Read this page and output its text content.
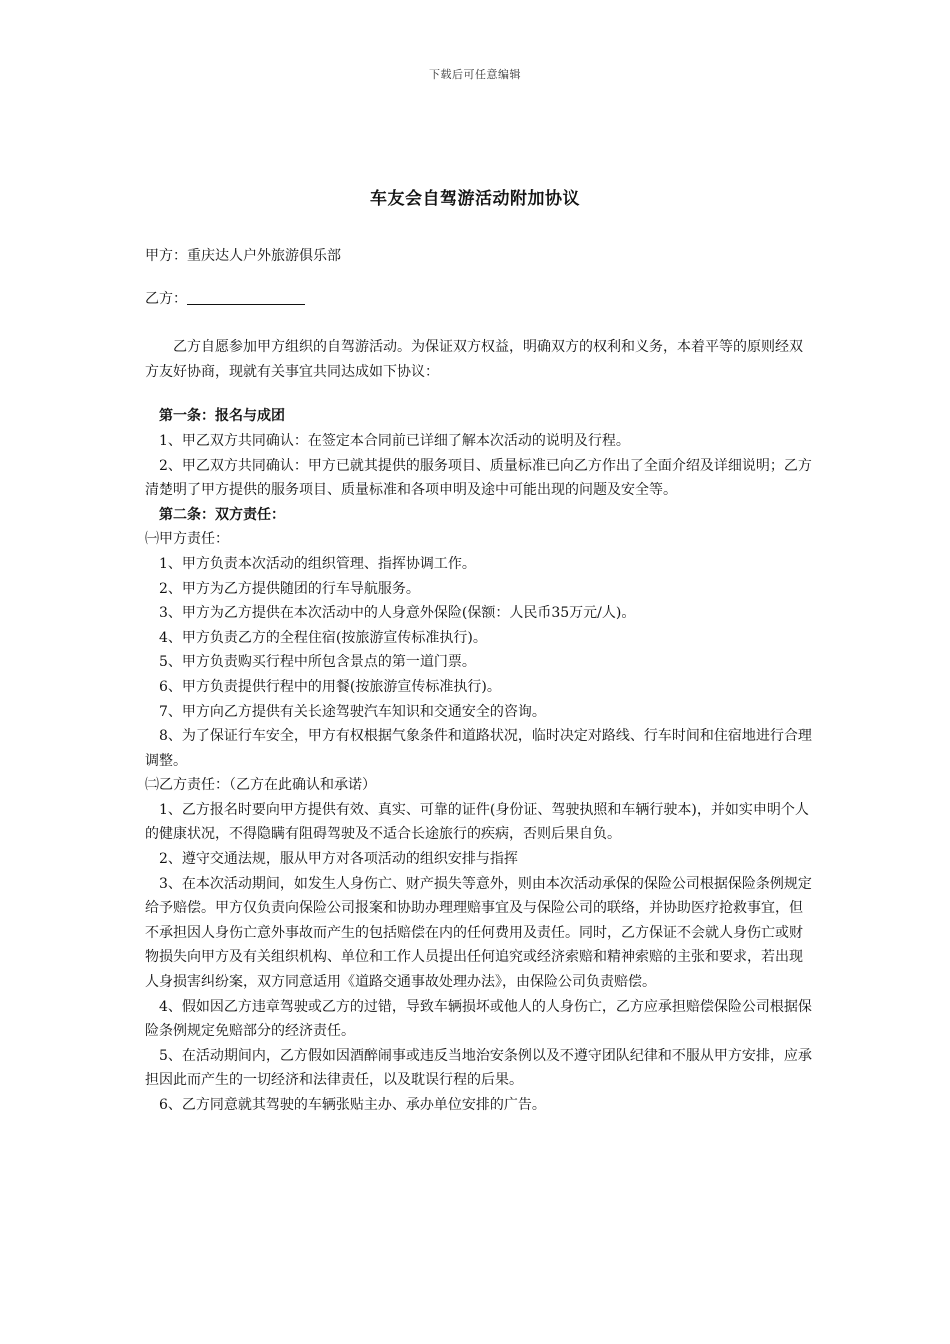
下载后可任意编辑
车友会自驾游活动附加协议

甲方：重庆达人户外旅游俱乐部

乙方：

乙方自愿参加甲方组织的自驾游活动。为保证双方权益，明确双方的权利和义务，本着平等的原则经双方友好协商，现就有关事宜共同达成如下协议：

第一条：报名与成团

1、甲乙双方共同确认：在签定本合同前已详细了解本次活动的说明及行程。

2、甲乙双方共同确认：甲方已就其提供的服务项目、质量标准已向乙方作出了全面介绍及详细说明；乙方清楚明了甲方提供的服务项目、质量标准和各项申明及途中可能出现的问题及安全等。

第二条：双方责任：

㈠甲方责任：

1、甲方负责本次活动的组织管理、指挥协调工作。

2、甲方为乙方提供随团的行车导航服务。

3、甲方为乙方提供在本次活动中的人身意外保险(保额：人民币35万元/人)。

4、甲方负责乙方的全程住宿(按旅游宣传标准执行)。

5、甲方负责购买行程中所包含景点的第一道门票。

6、甲方负责提供行程中的用餐(按旅游宣传标准执行)。

7、甲方向乙方提供有关长途驾驶汽车知识和交通安全的咨询。

8、为了保证行车安全，甲方有权根据气象条件和道路状况，临时决定对路线、行车时间和住宿地进行合理调整。

㈡乙方责任：（乙方在此确认和承诺）

1、乙方报名时要向甲方提供有效、真实、可靠的证件(身份证、驾驶执照和车辆行驶本)，并如实申明个人的健康状况，不得隐瞒有阻碍驾驶及不适合长途旅行的疾病，否则后果自负。

2、遵守交通法规，服从甲方对各项活动的组织安排与指挥

3、在本次活动期间，如发生人身伤亡、财产损失等意外，则由本次活动承保的保险公司根据保险条例规定给予赔偿。甲方仅负责向保险公司报案和协助办理理赔事宜及与保险公司的联络，并协助医疗抢救事宜，但不承担因人身伤亡意外事故而产生的包括赔偿在内的任何费用及责任。同时，乙方保证不会就人身伤亡或财物损失向甲方及有关组织机构、单位和工作人员提出任何追究或经济索赔和精神索赔的主张和要求，若出现人身损害纠纷案，双方同意适用《道路交通事故处理办法》，由保险公司负责赔偿。

4、假如因乙方违章驾驶或乙方的过错，导致车辆损坏或他人的人身伤亡，乙方应承担赔偿保险公司根据保险条例规定免赔部分的经济责任。

5、在活动期间内，乙方假如因酒醉闹事或违反当地治安条例以及不遵守团队纪律和不服从甲方安排，应承担因此而产生的一切经济和法律责任，以及耽误行程的后果。

6、乙方同意就其驾驶的车辆张贴主办、承办单位安排的广告。
